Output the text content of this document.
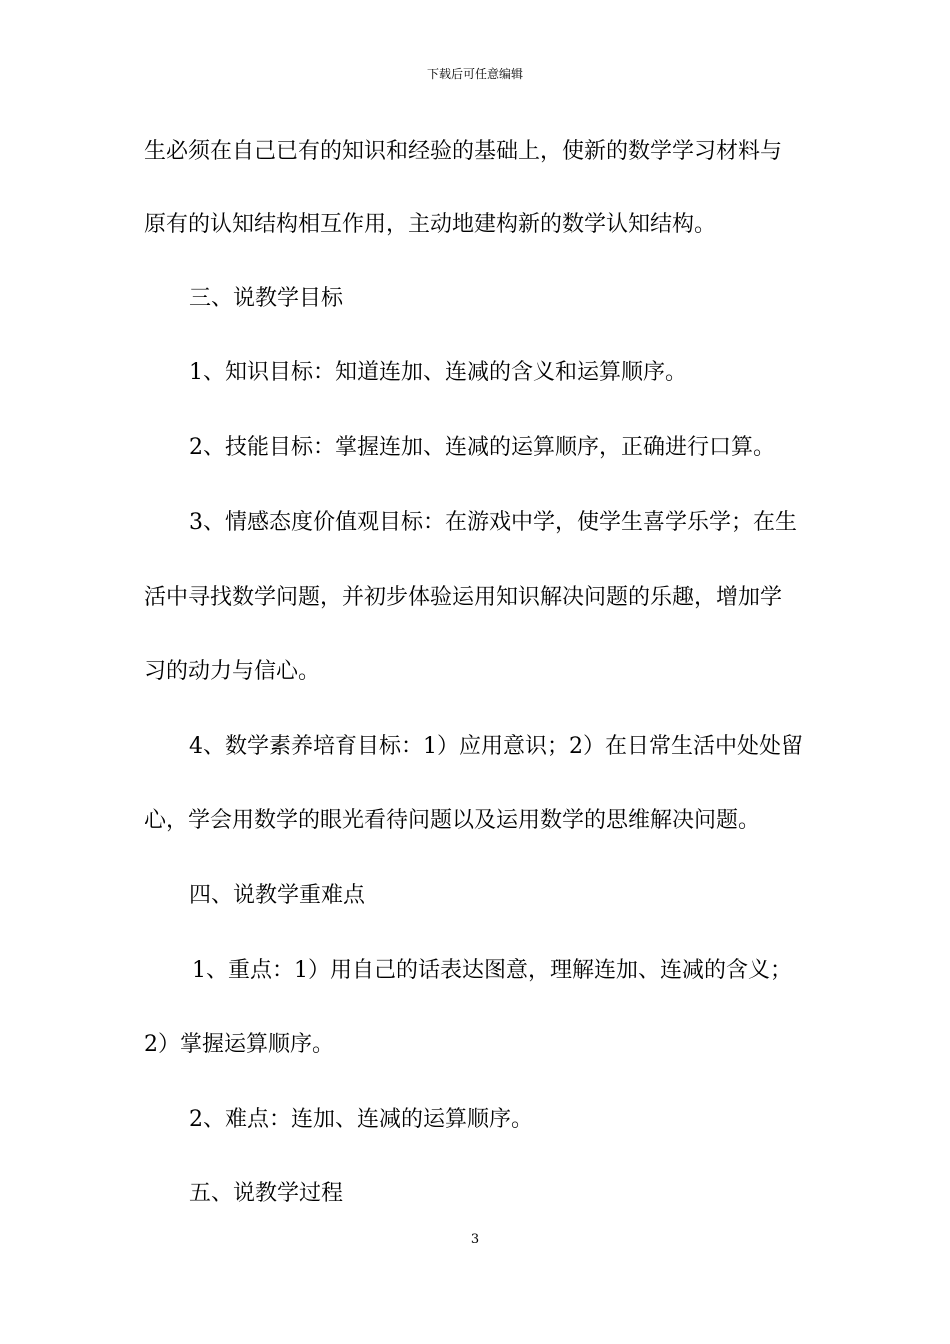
下载后可任意编辑
生必须在自己已有的知识和经验的基础上，使新的数学学习材料与
原有的认知结构相互作用，主动地建构新的数学认知结构。
三、说教学目标
1、知识目标：知道连加、连减的含义和运算顺序。
2、技能目标：掌握连加、连减的运算顺序，正确进行口算。
3、情感态度价值观目标：在游戏中学，使学生喜学乐学；在生
活中寻找数学问题，并初步体验运用知识解决问题的乐趣，增加学
习的动力与信心。
4、数学素养培育目标：1）应用意识；2）在日常生活中处处留
心，学会用数学的眼光看待问题以及运用数学的思维解决问题。
四、说教学重难点
1、重点：1）用自己的话表达图意，理解连加、连减的含义；
2）掌握运算顺序。
2、难点：连加、连减的运算顺序。
五、说教学过程
3
